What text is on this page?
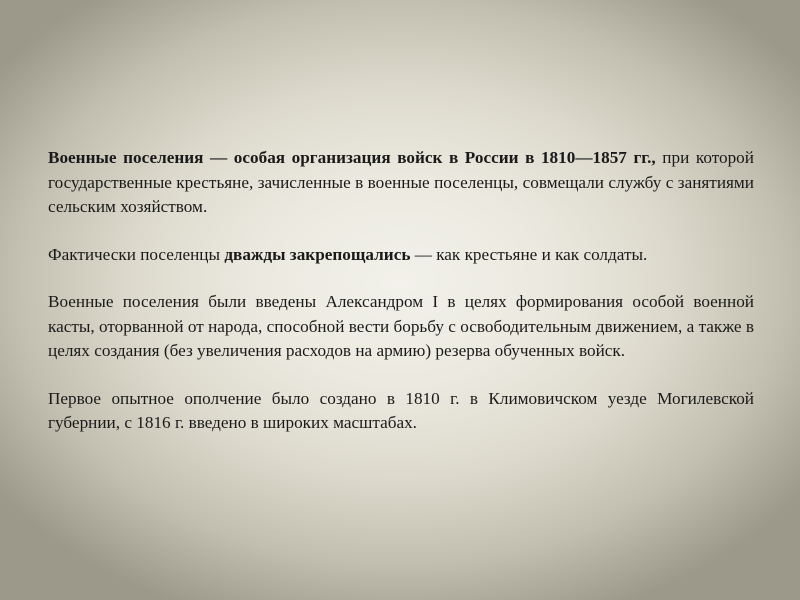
Военные поселения — особая организация войск в России в 1810—1857 гг., при которой государственные крестьяне, зачисленные в военные поселенцы, совмещали службу с занятиями сельским хозяйством.

Фактически поселенцы дважды закрепощались — как крестьяне и как солдаты.

Военные поселения были введены Александром I в целях формирования особой военной касты, оторванной от народа, способной вести борьбу с освободительным движением, а также в целях создания (без увеличения расходов на армию) резерва обученных войск.

Первое опытное ополчение было создано в 1810 г. в Климовичском уезде Могилевской губернии, с 1816 г. введено в широких масштабах.
